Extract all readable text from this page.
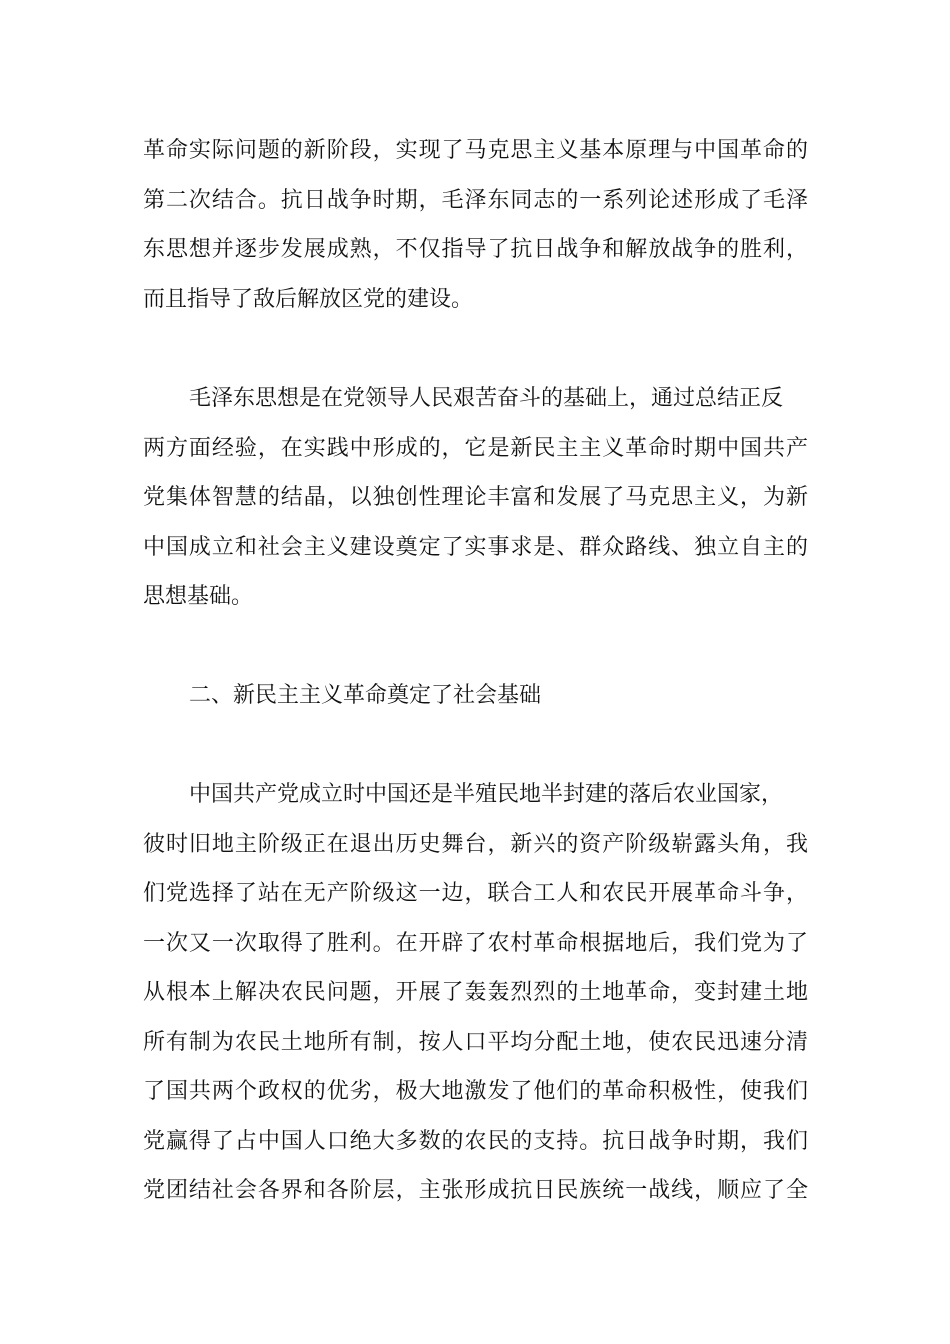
革命实际问题的新阶段，实现了马克思主义基本原理与中国革命的
第二次结合。抗日战争时期，毛泽东同志的一系列论述形成了毛泽
东思想并逐步发展成熟，不仅指导了抗日战争和解放战争的胜利，
而且指导了敌后解放区党的建设。
毛泽东思想是在党领导人民艰苦奋斗的基础上，通过总结正反
两方面经验，在实践中形成的，它是新民主主义革命时期中国共产
党集体智慧的结晶，以独创性理论丰富和发展了马克思主义，为新
中国成立和社会主义建设奠定了实事求是、群众路线、独立自主的
思想基础。
二、新民主主义革命奠定了社会基础
中国共产党成立时中国还是半殖民地半封建的落后农业国家，
彼时旧地主阶级正在退出历史舞台，新兴的资产阶级崭露头角，我
们党选择了站在无产阶级这一边，联合工人和农民开展革命斗争，
一次又一次取得了胜利。在开辟了农村革命根据地后，我们党为了
从根本上解决农民问题，开展了轰轰烈烈的土地革命，变封建土地
所有制为农民土地所有制，按人口平均分配土地，使农民迅速分清
了国共两个政权的优劣，极大地激发了他们的革命积极性，使我们
党赢得了占中国人口绝大多数的农民的支持。抗日战争时期，我们
党团结社会各界和各阶层，主张形成抗日民族统一战线，顺应了全
